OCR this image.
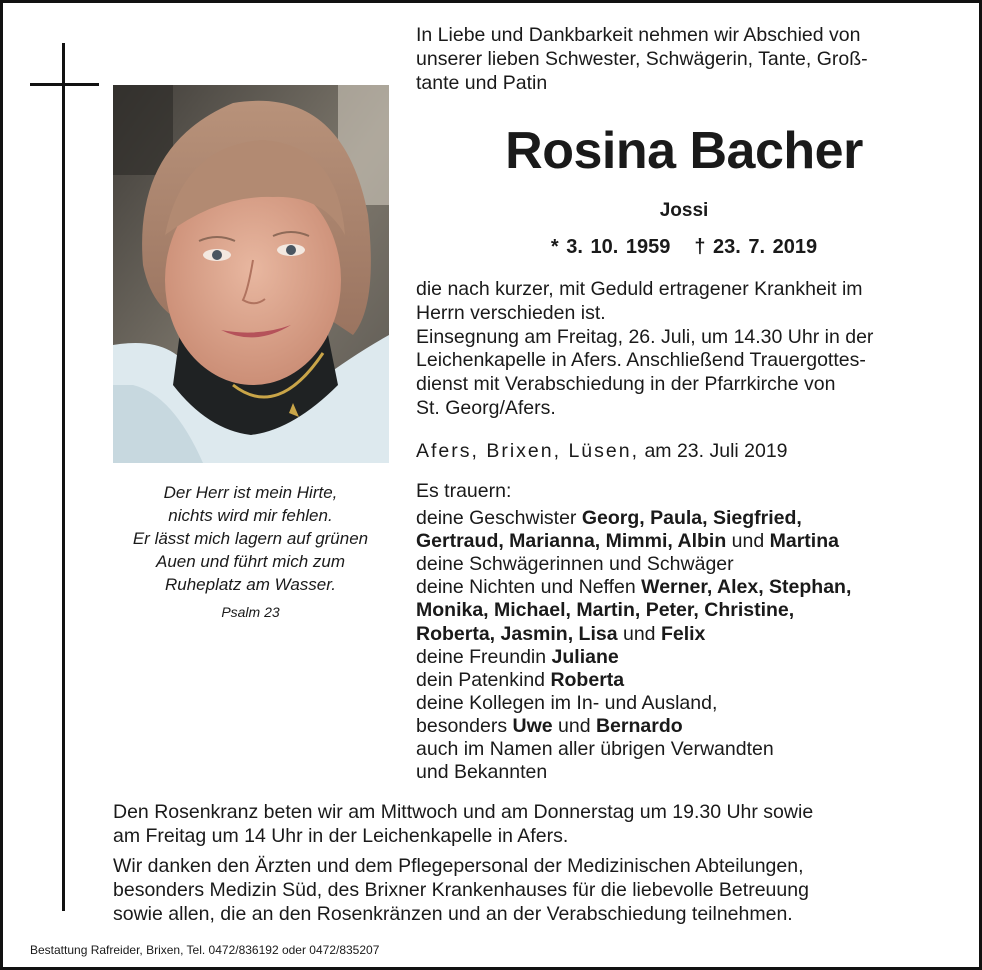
Der Herr ist mein Hirte,
nichts wird mir fehlen.
Er lässt mich lagern auf grünen
Auen und führt mich zum
Ruheplatz am Wasser.
Psalm 23
In Liebe und Dankbarkeit nehmen wir Abschied von
unserer lieben Schwester, Schwägerin, Tante, Groß-
tante und Patin
Rosina Bacher
Jossi
* 3. 10. 1959 † 23. 7. 2019
die nach kurzer, mit Geduld ertragener Krankheit im
Herrn verschieden ist.
Einsegnung am Freitag, 26. Juli, um 14.30 Uhr in der
Leichenkapelle in Afers. Anschließend Trauergottes-
dienst mit Verabschiedung in der Pfarrkirche von
St. Georg/Afers.
Afers, Brixen, Lüsen, am 23. Juli 2019
Es trauern:
deine Geschwister Georg, Paula, Siegfried,
Gertraud, Marianna, Mimmi, Albin und Martina
deine Schwägerinnen und Schwäger
deine Nichten und Neffen Werner, Alex, Stephan,
Monika, Michael, Martin, Peter, Christine,
Roberta, Jasmin, Lisa und Felix
deine Freundin Juliane
dein Patenkind Roberta
deine Kollegen im In- und Ausland,
besonders Uwe und Bernardo
auch im Namen aller übrigen Verwandten
und Bekannten
Den Rosenkranz beten wir am Mittwoch und am Donnerstag um 19.30 Uhr sowie
am Freitag um 14 Uhr in der Leichenkapelle in Afers.
Wir danken den Ärzten und dem Pflegepersonal der Medizinischen Abteilungen,
besonders Medizin Süd, des Brixner Krankenhauses für die liebevolle Betreuung
sowie allen, die an den Rosenkränzen und an der Verabschiedung teilnehmen.
Bestattung Rafreider, Brixen, Tel. 0472/836192 oder 0472/835207
